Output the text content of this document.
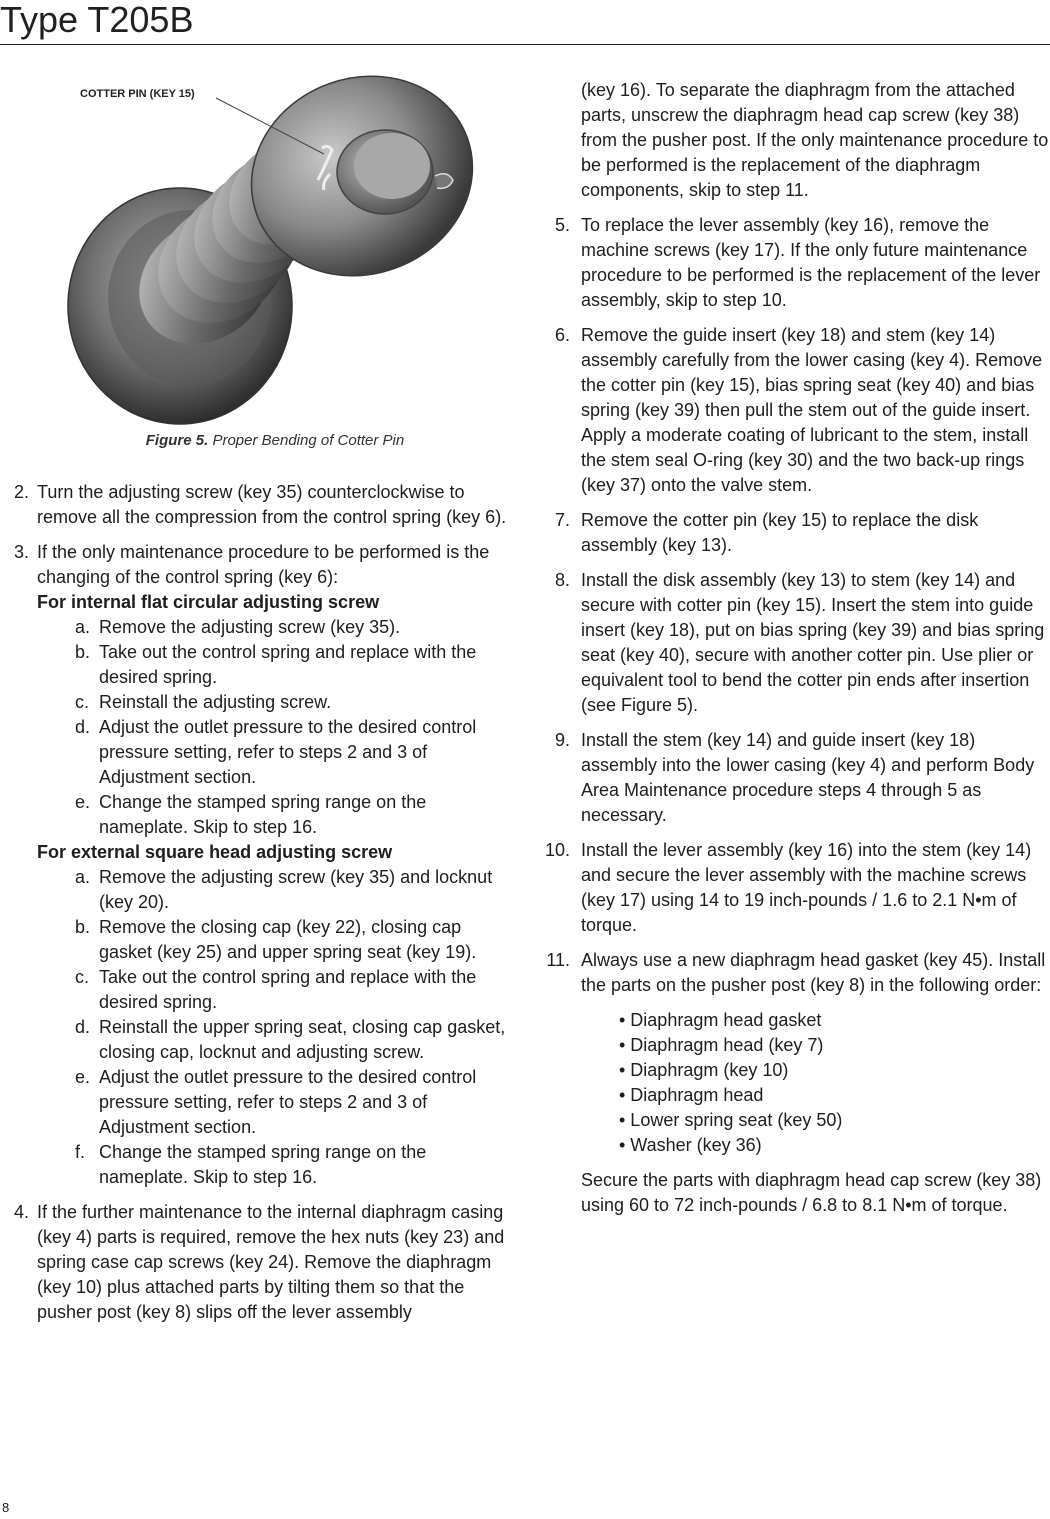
Type T205B
COTTER PIN (KEY 15)
Figure 5. Proper Bending of Cotter Pin
2. Turn the adjusting screw (key 35) counterclockwise to remove all the compression from the control spring (key 6).

3. If the only maintenance procedure to be performed is the changing of the control spring (key 6):

For internal flat circular adjusting screw

a. Remove the adjusting screw (key 35).
b. Take out the control spring and replace with the desired spring.
c. Reinstall the adjusting screw.
d. Adjust the outlet pressure to the desired control pressure setting, refer to steps 2 and 3 of Adjustment section.
e. Change the stamped spring range on the nameplate. Skip to step 16.

For external square head adjusting screw

a. Remove the adjusting screw (key 35) and locknut (key 20).
b. Remove the closing cap (key 22), closing cap gasket (key 25) and upper spring seat (key 19).
c. Take out the control spring and replace with the desired spring.
d. Reinstall the upper spring seat, closing cap gasket, closing cap, locknut and adjusting screw.
e. Adjust the outlet pressure to the desired control pressure setting, refer to steps 2 and 3 of Adjustment section.
f. Change the stamped spring range on the nameplate. Skip to step 16.
4. If the further maintenance to the internal diaphragm casing (key 4) parts is required, remove the hex nuts (key 23) and spring case cap screws (key 24). Remove the diaphragm (key 10) plus attached parts by tilting them so that the pusher post (key 8) slips off the lever assembly

(key 16). To separate the diaphragm from the attached parts, unscrew the diaphragm head cap screw (key 38) from the pusher post. If the only maintenance procedure to be performed is the replacement of the diaphragm components, skip to step 11.

5. To replace the lever assembly (key 16), remove the machine screws (key 17). If the only future maintenance procedure to be performed is the replacement of the lever assembly, skip to step 10.

6. Remove the guide insert (key 18) and stem (key 14) assembly carefully from the lower casing (key 4). Remove the cotter pin (key 15), bias spring seat (key 40) and bias spring (key 39) then pull the stem out of the guide insert. Apply a moderate coating of lubricant to the stem, install the stem seal O-ring (key 30) and the two back-up rings (key 37) onto the valve stem.

7. Remove the cotter pin (key 15) to replace the disk assembly (key 13).

8. Install the disk assembly (key 13) to stem (key 14) and secure with cotter pin (key 15). Insert the stem into guide insert (key 18), put on bias spring (key 39) and bias spring seat (key 40), secure with another cotter pin. Use plier or equivalent tool to bend the cotter pin ends after insertion (see Figure 5).

9. Install the stem (key 14) and guide insert (key 18) assembly into the lower casing (key 4) and perform Body Area Maintenance procedure steps 4 through 5 as necessary.

10. Install the lever assembly (key 16) into the stem (key 14) and secure the lever assembly with the machine screws (key 17) using 14 to 19 inch-pounds / 1.6 to 2.1 N•m of torque.

11. Always use a new diaphragm head gasket (key 45). Install the parts on the pusher post (key 8) in the following order:

• Diaphragm head gasket

• Diaphragm head (key 7)

• Diaphragm (key 10)

• Diaphragm head

• Lower spring seat (key 50)

• Washer (key 36)

Secure the parts with diaphragm head cap screw (key 38) using 60 to 72 inch-pounds / 6.8 to 8.1 N•m of torque.

8
